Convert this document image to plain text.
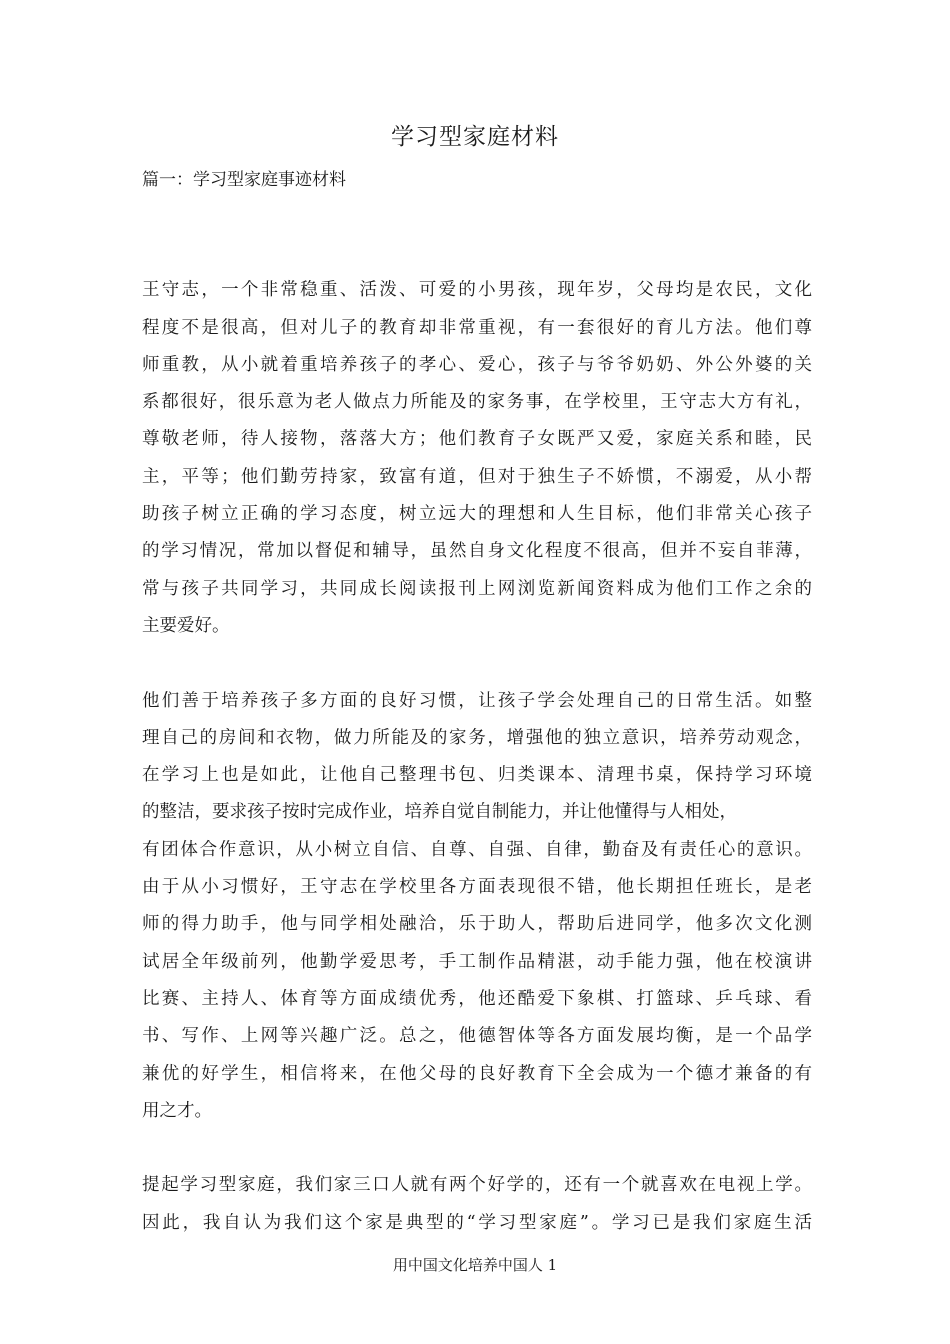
学习型家庭材料
篇一：学习型家庭事迹材料
王守志，一个非常稳重、活泼、可爱的小男孩，现年岁，父母均是农民，文化
程度不是很高，但对儿子的教育却非常重视，有一套很好的育儿方法。他们尊
师重教，从小就着重培养孩子的孝心、爱心，孩子与爷爷奶奶、外公外婆的关
系都很好，很乐意为老人做点力所能及的家务事，在学校里，王守志大方有礼，
尊敬老师，待人接物，落落大方；他们教育子女既严又爱，家庭关系和睦，民
主，平等；他们勤劳持家，致富有道，但对于独生子不娇惯，不溺爱，从小帮
助孩子树立正确的学习态度，树立远大的理想和人生目标，他们非常关心孩子
的学习情况，常加以督促和辅导，虽然自身文化程度不很高，但并不妄自菲薄，
常与孩子共同学习，共同成长阅读报刊上网浏览新闻资料成为他们工作之余的
主要爱好。
他们善于培养孩子多方面的良好习惯，让孩子学会处理自己的日常生活。如整
理自己的房间和衣物，做力所能及的家务，增强他的独立意识，培养劳动观念，
在学习上也是如此，让他自己整理书包、归类课本、清理书桌，保持学习环境
的整洁，要求孩子按时完成作业，培养自觉自制能力，并让他懂得与人相处，
有团体合作意识，从小树立自信、自尊、自强、自律，勤奋及有责任心的意识。
由于从小习惯好，王守志在学校里各方面表现很不错，他长期担任班长，是老
师的得力助手，他与同学相处融洽，乐于助人，帮助后进同学，他多次文化测
试居全年级前列，他勤学爱思考，手工制作品精湛，动手能力强，他在校演讲
比赛、主持人、体育等方面成绩优秀，他还酷爱下象棋、打篮球、乒乓球、看
书、写作、上网等兴趣广泛。总之，他德智体等各方面发展均衡，是一个品学
兼优的好学生，相信将来，在他父母的良好教育下全会成为一个德才兼备的有
用之才。
提起学习型家庭，我们家三口人就有两个好学的，还有一个就喜欢在电视上学。
因此，我自认为我们这个家是典型的“学习型家庭”。学习已是我们家庭生活
用中国文化培养中国人 1
